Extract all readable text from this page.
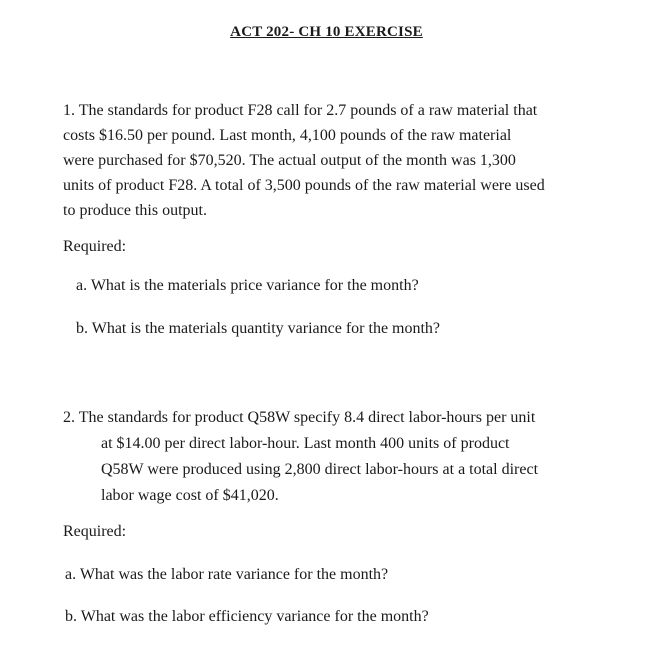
ACT 202- CH 10 EXERCISE
1. The standards for product F28 call for 2.7 pounds of a raw material that
costs $16.50 per pound. Last month, 4,100 pounds of the raw material
were purchased for $70,520. The actual output of the month was 1,300
units of product F28. A total of 3,500 pounds of the raw material were used
to produce this output.
Required:
a. What is the materials price variance for the month?
b. What is the materials quantity variance for the month?
2. The standards for product Q58W specify 8.4 direct labor-hours per unit
at $14.00 per direct labor-hour. Last month 400 units of product
Q58W were produced using 2,800 direct labor-hours at a total direct
labor wage cost of $41,020.
Required:
a. What was the labor rate variance for the month?
b. What was the labor efficiency variance for the month?
